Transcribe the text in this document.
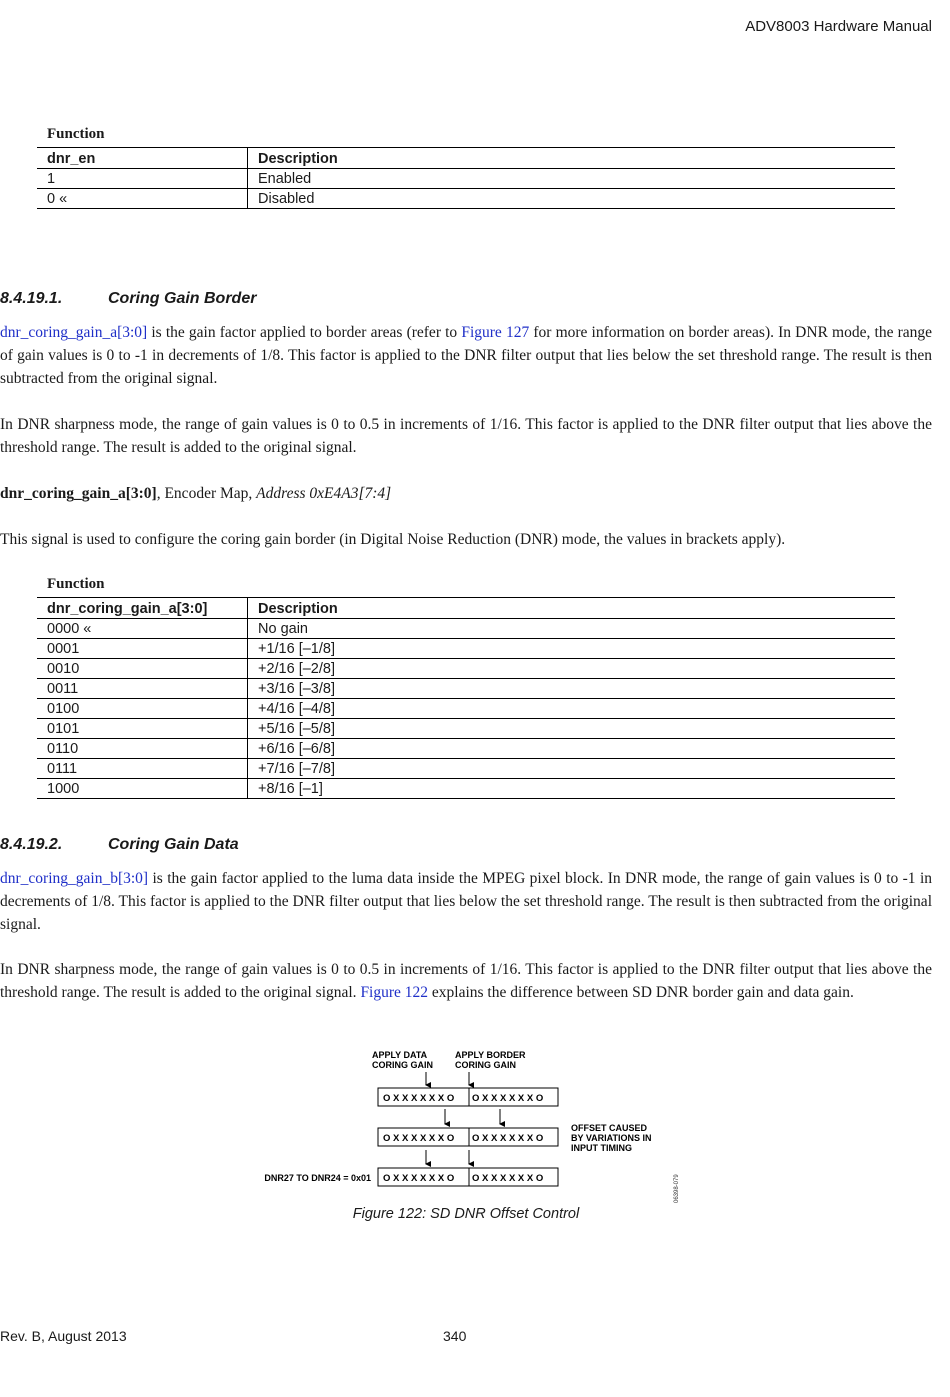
ADV8003 Hardware Manual
Function
dnr_en	Description
1	Enabled
0 «	Disabled
8.4.19.1.	Coring Gain Border
dnr_coring_gain_a[3:0] is the gain factor applied to border areas (refer to Figure 127 for more information on border areas). In DNR mode, the range of gain values is 0 to -1 in decrements of 1/8. This factor is applied to the DNR filter output that lies below the set threshold range. The result is then subtracted from the original signal.
In DNR sharpness mode, the range of gain values is 0 to 0.5 in increments of 1/16. This factor is applied to the DNR filter output that lies above the threshold range. The result is added to the original signal.
dnr_coring_gain_a[3:0], Encoder Map, Address 0xE4A3[7:4]
This signal is used to configure the coring gain border (in Digital Noise Reduction (DNR) mode, the values in brackets apply).
Function
dnr_coring_gain_a[3:0]	Description
0000 «	No gain
0001	+1/16 [–1/8]
0010	+2/16 [–2/8]
0011	+3/16 [–3/8]
0100	+4/16 [–4/8]
0101	+5/16 [–5/8]
0110	+6/16 [–6/8]
0111	+7/16 [–7/8]
1000	+8/16 [–1]
8.4.19.2.	Coring Gain Data
dnr_coring_gain_b[3:0] is the gain factor applied to the luma data inside the MPEG pixel block. In DNR mode, the range of gain values is 0 to -1 in decrements of 1/8. This factor is applied to the DNR filter output that lies below the set threshold range. The result is then subtracted from the original signal.
In DNR sharpness mode, the range of gain values is 0 to 0.5 in increments of 1/16. This factor is applied to the DNR filter output that lies above the threshold range. The result is added to the original signal. Figure 122 explains the difference between SD DNR border gain and data gain.
APPLY DATA
CORING GAIN
APPLY BORDER
CORING GAIN
O X X X X X X O O X X X X X X O
O X X X X X X O O X X X X X X O
OFFSET CAUSED
BY VARIATIONS IN
INPUT TIMING
O X X X X X X O O X X X X X X O
DNR27 TO DNR24 = 0x01	06398-079
Figure 122: SD DNR Offset Control
Rev. B, August 2013	340
